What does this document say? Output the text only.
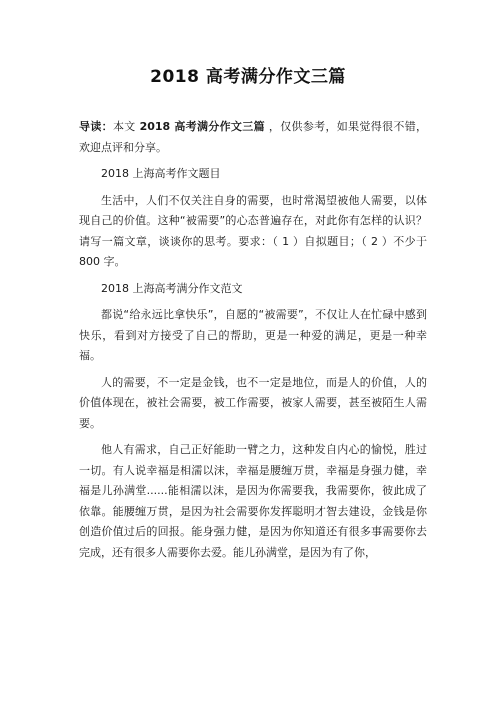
2018 高考满分作文三篇

导读：本文 2018 高考满分作文三篇 ，仅供参考，如果觉得很不错，欢迎点评和分享。

2018 上海高考作文题目

生活中，人们不仅关注自身的需要，也时常渴望被他人需要，以体现自己的价值。这种“被需要”的心态普遍存在，对此你有怎样的认识？请写一篇文章，谈谈你的思考。要求：（ 1 ）自拟题目；（ 2 ）不少于 800 字。

2018 上海高考满分作文范文

都说“给永远比拿快乐”，自愿的“被需要”，不仅让人在忙碌中感到快乐，看到对方接受了自己的帮助，更是一种爱的满足，更是一种幸福。

人的需要，不一定是金钱，也不一定是地位，而是人的价值，人的价值体现在，被社会需要，被工作需要，被家人需要，甚至被陌生人需要。

他人有需求，自己正好能助一臂之力，这种发自内心的愉悦，胜过一切。有人说幸福是相濡以沫，幸福是腰缠万贯，幸福是身强力健，幸福是儿孙满堂......能相濡以沫，是因为你需要我，我需要你，彼此成了依靠。能腰缠万贯，是因为社会需要你发挥聪明才智去建设，金钱是你创造价值过后的回报。能身强力健，是因为你知道还有很多事需要你去完成，还有很多人需要你去爱。能儿孙满堂，是因为有了你，
